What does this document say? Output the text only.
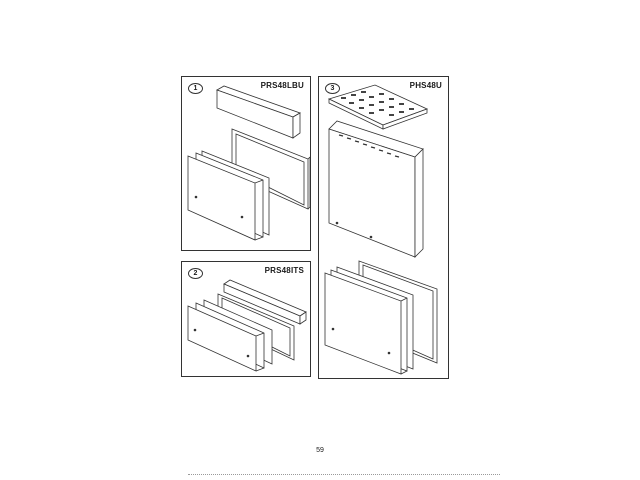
1	PRS48LBU
2	PRS48ITS
3	PHS48U
59
